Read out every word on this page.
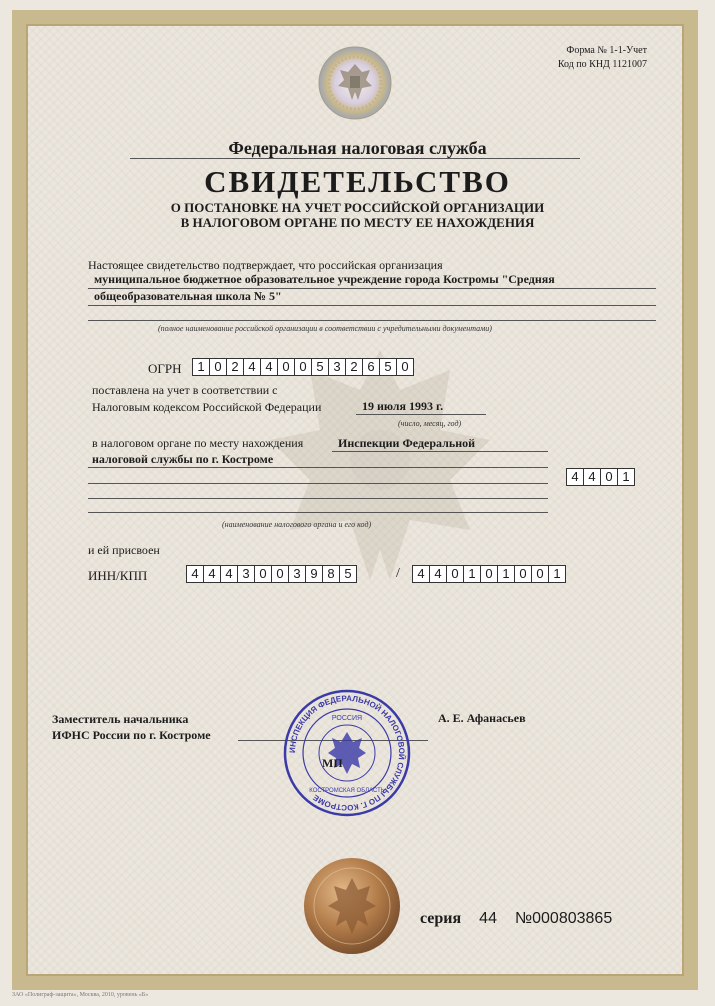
Форма № 1-1-Учет
Код по КНД 1121007
Федеральная налоговая служба
СВИДЕТЕЛЬСТВО
О ПОСТАНОВКЕ НА УЧЕТ РОССИЙСКОЙ ОРГАНИЗАЦИИ
В НАЛОГОВОМ ОРГАНЕ ПО МЕСТУ ЕЕ НАХОЖДЕНИЯ
Настоящее свидетельство подтверждает, что российская организация
муниципальное бюджетное образовательное учреждение города Костромы "Средняя
общеобразовательная школа № 5"
(полное наименование российской организации в соответствии с учредительными документами)
ОГРН	1 0 2 4 4 0 0 5 3 2 6 5 0
поставлена на учет в соответствии с
Налоговым кодексом Российской Федерации	19 июля 1993 г.
(число, месяц, год)
в налоговом органе по месту нахождения	Инспекции Федеральной
налоговой службы по г. Костроме
4 4 0 1
(наименование налогового органа и его код)
и ей присвоен
ИНН/КПП	4 4 4 3 0 0 3 9 8 5	/	4 4 0 1 0 1 0 0 1
Заместитель начальника
ИФНС России по г. Костроме
А. Е. Афанасьев
ИНСПЕКЦИЯ ФЕДЕРАЛЬНОЙ НАЛОГОВОЙ СЛУЖБЫ ПО Г. КОСТРОМЕ
РОССИЯ
КОСТРОМСКАЯ ОБЛАСТЬ
МП
серия 44 №000803865
ЗАО «Полиграф-защита», Москва, 2010, уровень «Б»
